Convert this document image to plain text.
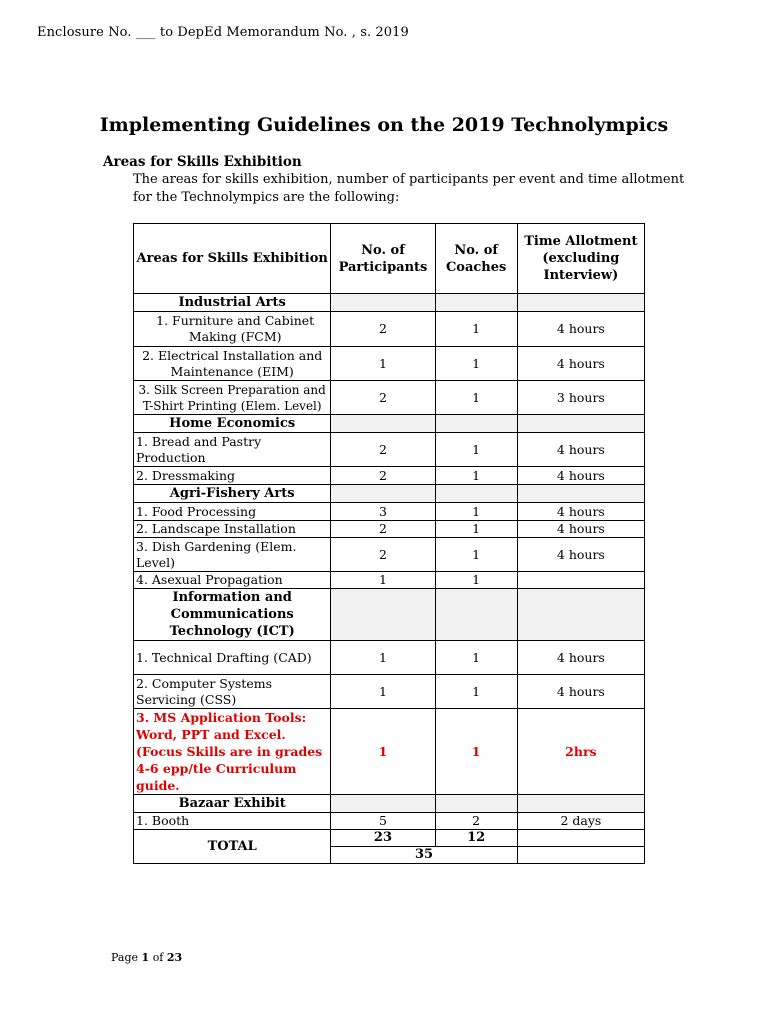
Enclosure No. ___ to DepEd Memorandum No. , s. 2019
Implementing Guidelines on the 2019 Technolympics
Areas for Skills Exhibition
The areas for skills exhibition, number of participants per event and time allotment for the Technolympics are the following:
Areas for Skills Exhibition	No. of Participants	No. of Coaches	Time Allotment (excluding Interview)
Industrial Arts			
1. Furniture and Cabinet Making (FCM)	2	1	4 hours
2. Electrical Installation and Maintenance (EIM)	1	1	4 hours
3. Silk Screen Preparation and T-Shirt Printing (Elem. Level)	2	1	3 hours
Home Economics			
1. Bread and Pastry Production	2	1	4 hours
2. Dressmaking	2	1	4 hours
Agri-Fishery Arts			
1. Food Processing	3	1	4 hours
2. Landscape Installation	2	1	4 hours
3. Dish Gardening (Elem. Level)	2	1	4 hours
4. Asexual Propagation	1	1	
Information and Communications Technology (ICT)			
1. Technical Drafting (CAD)	1	1	4 hours
2. Computer Systems Servicing (CSS)	1	1	4 hours
3. MS Application Tools: Word, PPT and Excel. (Focus Skills are in grades 4-6 epp/tle Curriculum guide.	1	1	2hrs
Bazaar Exhibit			
1. Booth	5	2	2 days
TOTAL	23	12	
	35		
Page 1 of 23
